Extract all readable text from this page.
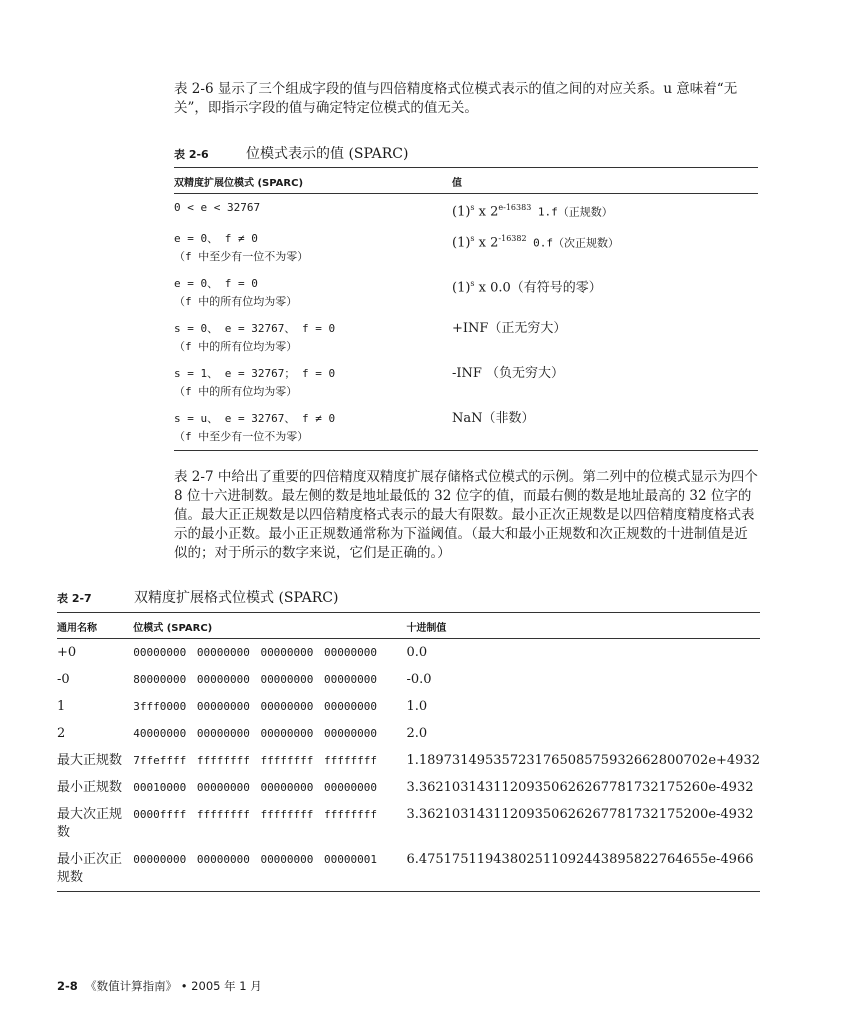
表 2-6 显示了三个组成字段的值与四倍精度格式位模式表示的值之间的对应关系。u 意味着“无关”，即指示字段的值与确定特定位模式的值无关。
表 2-6	位模式表示的值 (SPARC)
双精度扩展位模式 (SPARC)	值

0 < e < 32767	$(1)^s$ x $2^{e-16383}$ 1.f（正规数）

e = 0、 f ≠ 0
（f 中至少有一位不为零）	$(1)^s$ x $2^{-16382}$ 0.f（次正规数）

e = 0、 f = 0
（f 中的所有位均为零）	$(1)^s$ x 0.0（有符号的零）

s = 0、 e = 32767、 f = 0
（f 中的所有位均为零）	+INF（正无穷大）

s = 1、 e = 32767； f = 0
（f 中的所有位均为零）	-INF （负无穷大）

s = u、 e = 32767、 f ≠ 0
（f 中至少有一位不为零）	NaN（非数）
表 2-7 中给出了重要的四倍精度双精度扩展存储格式位模式的示例。第二列中的位模式显示为四个 8 位十六进制数。最左侧的数是地址最低的 32 位字的值，而最右侧的数是地址最高的 32 位字的值。最大正正规数是以四倍精度格式表示的最大有限数。最小正次正规数是以四倍精度精度格式表示的最小正数。最小正正规数通常称为下溢阈值。（最大和最小正规数和次正规数的十进制值是近似的；对于所示的数字来说，它们是正确的。）
表 2-7	双精度扩展格式位模式 (SPARC)
通用名称	位模式 (SPARC)	十进制值
+0	00000000 00000000 00000000 00000000	0.0
-0	80000000 00000000 00000000 00000000	-0.0
1	3fff0000 00000000 00000000 00000000	1.0
2	40000000 00000000 00000000 00000000	2.0
最大正规数	7ffeffff ffffffff ffffffff ffffffff	1.18973149535723176508575932662800702e+4932
最小正规数	00010000 00000000 00000000 00000000	3.36210314311209350626267781732175260e-4932
最大次正规数	0000ffff ffffffff ffffffff ffffffff	3.36210314311209350626267781732175200e-4932
最小正次正规数	00000000 00000000 00000000 00000001	6.47517511943802511092443895822764655e-4966
2-8 《数值计算指南》 • 2005 年 1 月
